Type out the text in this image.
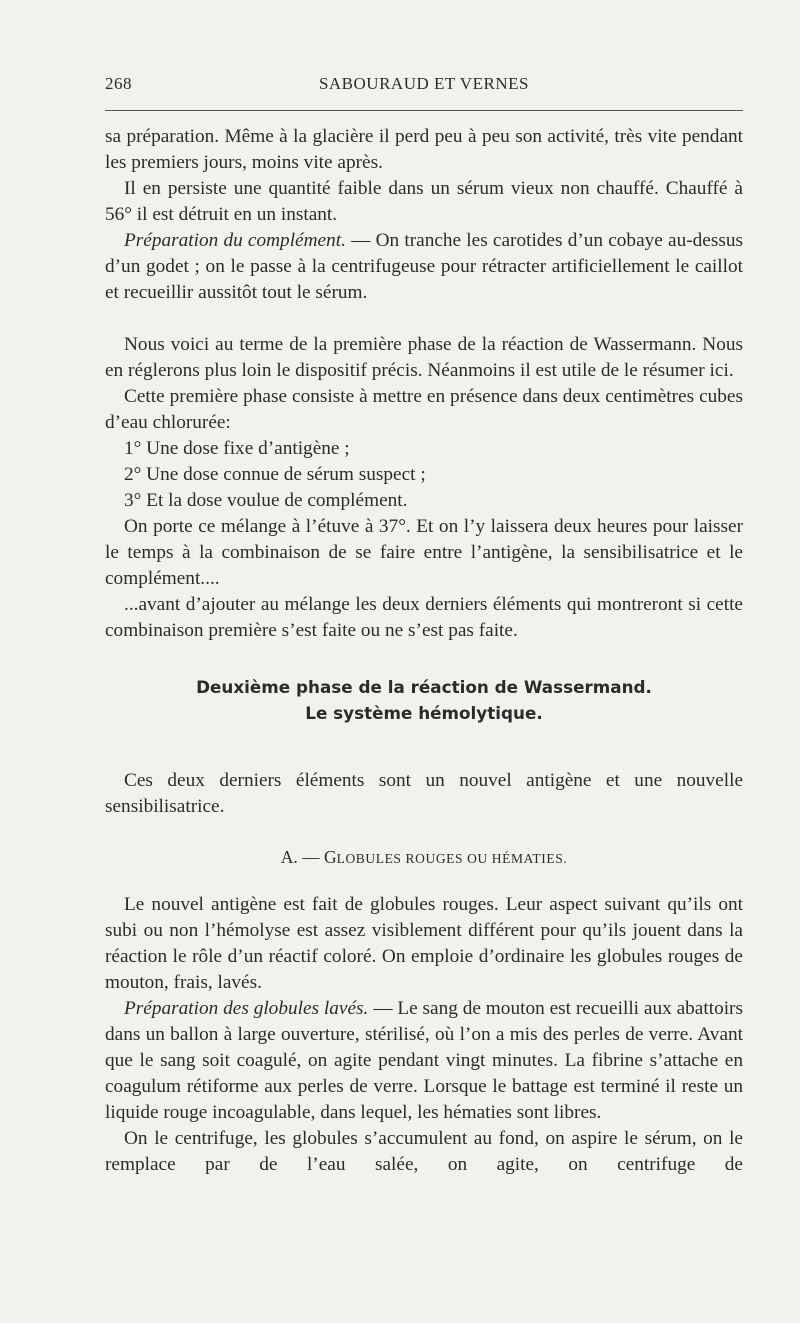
268	SABOURAUD ET VERNES

sa préparation. Même à la glacière il perd peu à peu son activité, très vite pendant les premiers jours, moins vite après.

Il en persiste une quantité faible dans un sérum vieux non chauffé. Chauffé à 56° il est détruit en un instant.

Préparation du complément. — On tranche les carotides d’un cobaye au-dessus d’un godet ; on le passe à la centrifugeuse pour rétracter artificiellement le caillot et recueillir aussitôt tout le sérum.

Nous voici au terme de la première phase de la réaction de Wassermann. Nous en réglerons plus loin le dispositif précis. Néanmoins il est utile de le résumer ici.

Cette première phase consiste à mettre en présence dans deux centimètres cubes d’eau chlorurée:

1° Une dose fixe d’antigène ;

2° Une dose connue de sérum suspect ;

3° Et la dose voulue de complément.

On porte ce mélange à l’étuve à 37°. Et on l’y laissera deux heures pour laisser le temps à la combinaison de se faire entre l’antigène, la sensibilisatrice et le complément....

...avant d’ajouter au mélange les deux derniers éléments qui montreront si cette combinaison première s’est faite ou ne s’est pas faite.

Deuxième phase de la réaction de Wassermand.

Le système hémolytique.

Ces deux derniers éléments sont un nouvel antigène et une nouvelle sensibilisatrice.

A. — GLOBULES ROUGES OU HÉMATIES.

Le nouvel antigène est fait de globules rouges. Leur aspect suivant qu’ils ont subi ou non l’hémolyse est assez visiblement différent pour qu’ils jouent dans la réaction le rôle d’un réactif coloré. On emploie d’ordinaire les globules rouges de mouton, frais, lavés.

Préparation des globules lavés. — Le sang de mouton est recueilli aux abattoirs dans un ballon à large ouverture, stérilisé, où l’on a mis des perles de verre. Avant que le sang soit coagulé, on agite pendant vingt minutes. La fibrine s’attache en coagulum rétiforme aux perles de verre. Lorsque le battage est terminé il reste un liquide rouge incoagulable, dans lequel, les hématies sont libres.

On le centrifuge, les globules s’accumulent au fond, on aspire le sérum, on le remplace par de l’eau salée, on agite, on centrifuge de
